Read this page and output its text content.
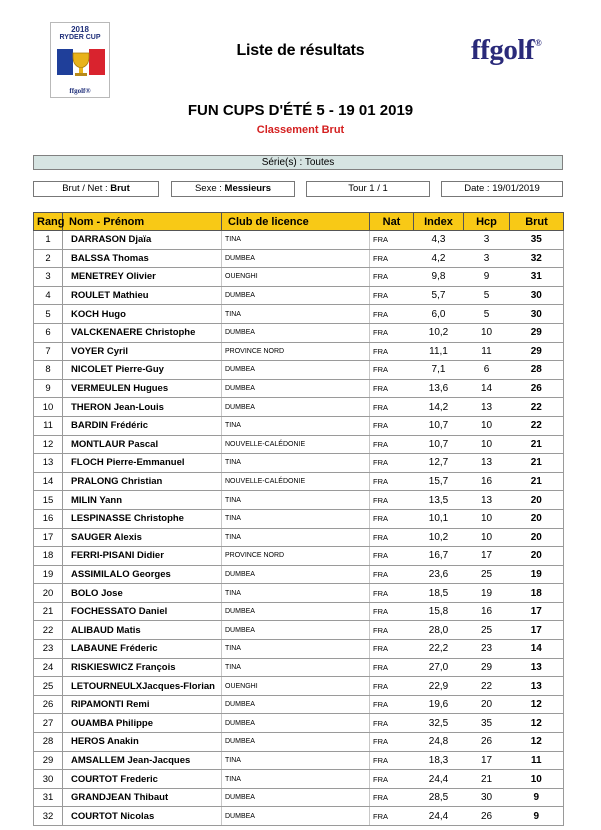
2018
RYDER CUP
ffgolf®
Liste de résultats	ffgolf®
FUN CUPS D'ÉTÉ 5 - 19 01 2019
Classement Brut
Série(s) : Toutes
Brut / Net : Brut	Sexe : Messieurs	Tour 1 / 1	Date : 19/01/2019
Rang	Nom - Prénom	Club de licence	Nat	Index	Hcp	Brut
1	DARRASON Djaïa	TINA	FRA	4,3	3	35
2	BALSSA Thomas	DUMBEA	FRA	4,2	3	32
3	MENETREY Olivier	OUENGHI	FRA	9,8	9	31
4	ROULET Mathieu	DUMBEA	FRA	5,7	5	30
5	KOCH Hugo	TINA	FRA	6,0	5	30
6	VALCKENAERE Christophe	DUMBEA	FRA	10,2	10	29
7	VOYER Cyril	PROVINCE NORD	FRA	11,1	11	29
8	NICOLET Pierre-Guy	DUMBEA	FRA	7,1	6	28
9	VERMEULEN Hugues	DUMBEA	FRA	13,6	14	26
10	THERON Jean-Louis	DUMBEA	FRA	14,2	13	22
11	BARDIN Frédéric	TINA	FRA	10,7	10	22
12	MONTLAUR Pascal	NOUVELLE-CALÉDONIE	FRA	10,7	10	21
13	FLOCH Pierre-Emmanuel	TINA	FRA	12,7	13	21
14	PRALONG Christian	NOUVELLE-CALÉDONIE	FRA	15,7	16	21
15	MILIN Yann	TINA	FRA	13,5	13	20
16	LESPINASSE Christophe	TINA	FRA	10,1	10	20
17	SAUGER Alexis	TINA	FRA	10,2	10	20
18	FERRI-PISANI Didier	PROVINCE NORD	FRA	16,7	17	20
19	ASSIMILALO Georges	DUMBEA	FRA	23,6	25	19
20	BOLO Jose	TINA	FRA	18,5	19	18
21	FOCHESSATO Daniel	DUMBEA	FRA	15,8	16	17
22	ALIBAUD Matis	DUMBEA	FRA	28,0	25	17
23	LABAUNE Fréderic	TINA	FRA	22,2	23	14
24	RISKIESWICZ François	TINA	FRA	27,0	29	13
25	LETOURNEULXJacques-Florian	OUENGHI	FRA	22,9	22	13
26	RIPAMONTI Remi	DUMBEA	FRA	19,6	20	12
27	OUAMBA Philippe	DUMBEA	FRA	32,5	35	12
28	HEROS Anakin	DUMBEA	FRA	24,8	26	12
29	AMSALLEM Jean-Jacques	TINA	FRA	18,3	17	11
30	COURTOT Frederic	TINA	FRA	24,4	21	10
31	GRANDJEAN Thibaut	DUMBEA	FRA	28,5	30	9
32	COURTOT Nicolas	DUMBEA	FRA	24,4	26	9
